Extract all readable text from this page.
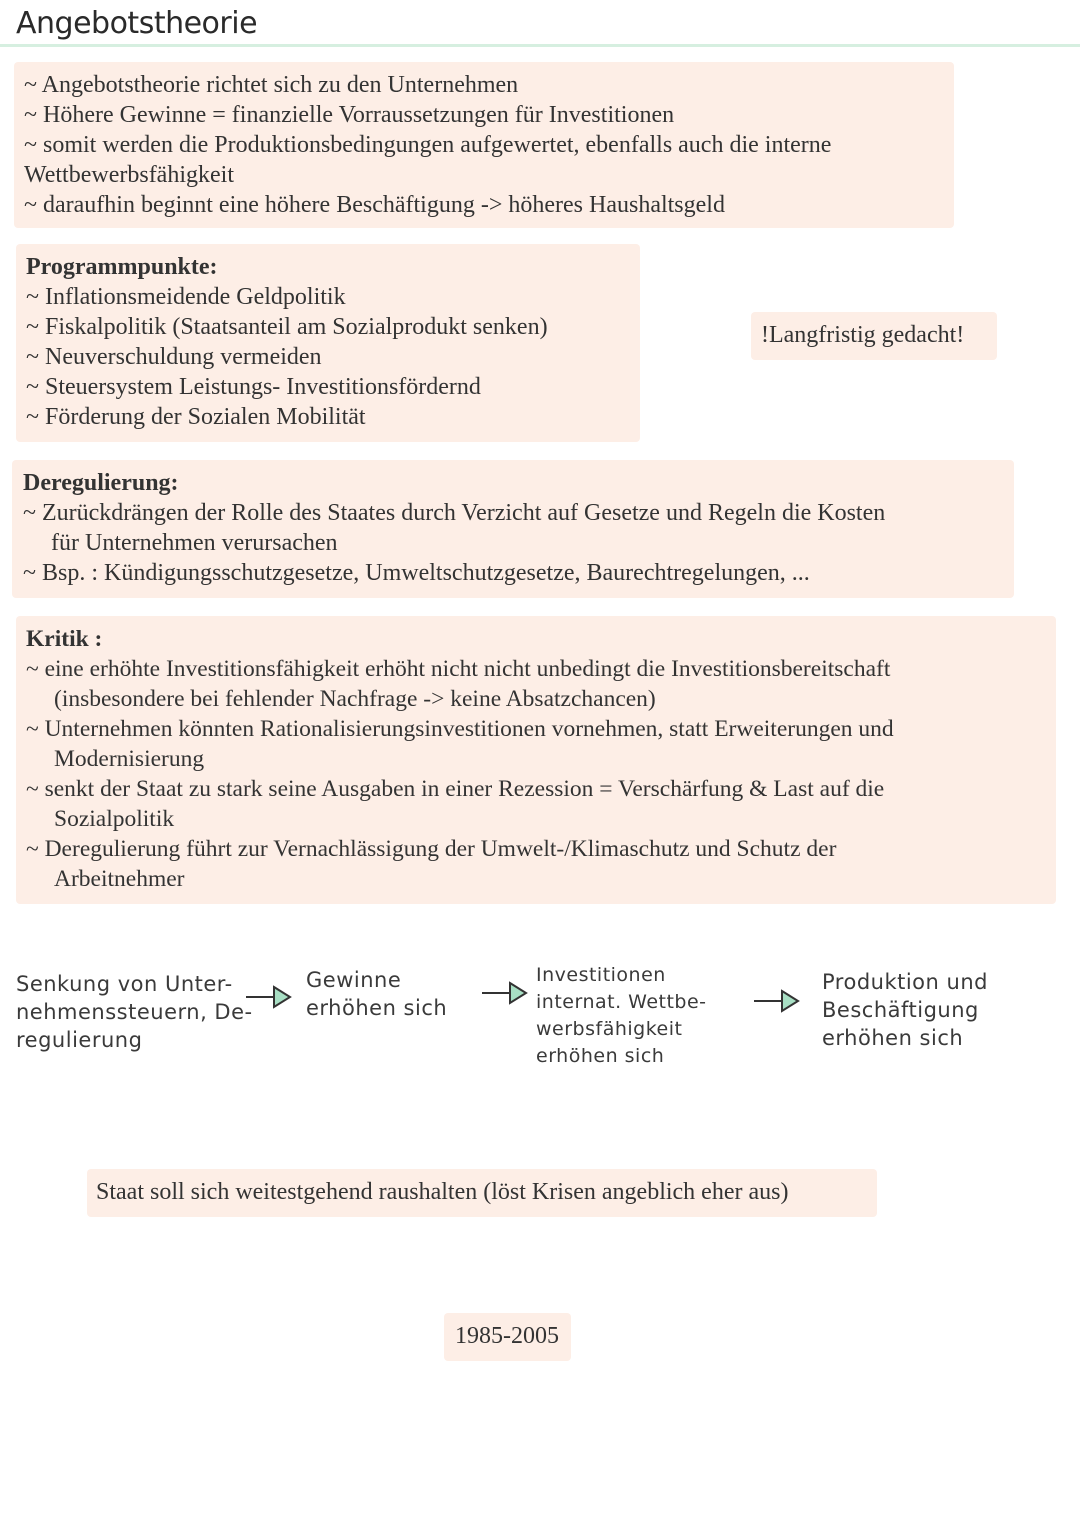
Angebotstheorie
~ Angebotstheorie richtet sich zu den Unternehmen
~ Höhere Gewinne = finanzielle Vorraussetzungen für Investitionen
~ somit werden die Produktionsbedingungen aufgewertet, ebenfalls auch die interne
Wettbewerbsfähigkeit
~ daraufhin beginnt eine höhere Beschäftigung -> höheres Haushaltsgeld
Programmpunkte:
~ Inflationsmeidende Geldpolitik
~ Fiskalpolitik (Staatsanteil am Sozialprodukt senken)
~ Neuverschuldung vermeiden
~ Steuersystem Leistungs- Investitionsfördernd
~ Förderung der Sozialen Mobilität
!Langfristig gedacht!
Deregulierung:
~ Zurückdrängen der Rolle des Staates durch Verzicht auf Gesetze und Regeln die Kosten
für Unternehmen verursachen
~ Bsp. : Kündigungsschutzgesetze, Umweltschutzgesetze, Baurechtregelungen, ...
Kritik :
~ eine erhöhte Investitionsfähigkeit erhöht nicht nicht unbedingt die Investitionsbereitschaft
(insbesondere bei fehlender Nachfrage -> keine Absatzchancen)
~ Unternehmen könnten Rationalisierungsinvestitionen vornehmen, statt Erweiterungen und
Modernisierung
~ senkt der Staat zu stark seine Ausgaben in einer Rezession = Verschärfung & Last auf die
Sozialpolitik
~ Deregulierung führt zur Vernachlässigung der Umwelt-/Klimaschutz und Schutz der
Arbeitnehmer
Senkung von Unter-
nehmenssteuern, De-
regulierung
Gewinne
erhöhen sich
Investitionen
internat. Wettbe-
werbsfähigkeit
erhöhen sich
Produktion und
Beschäftigung
erhöhen sich
Staat soll sich weitestgehend raushalten (löst Krisen angeblich eher aus)
1985-2005
